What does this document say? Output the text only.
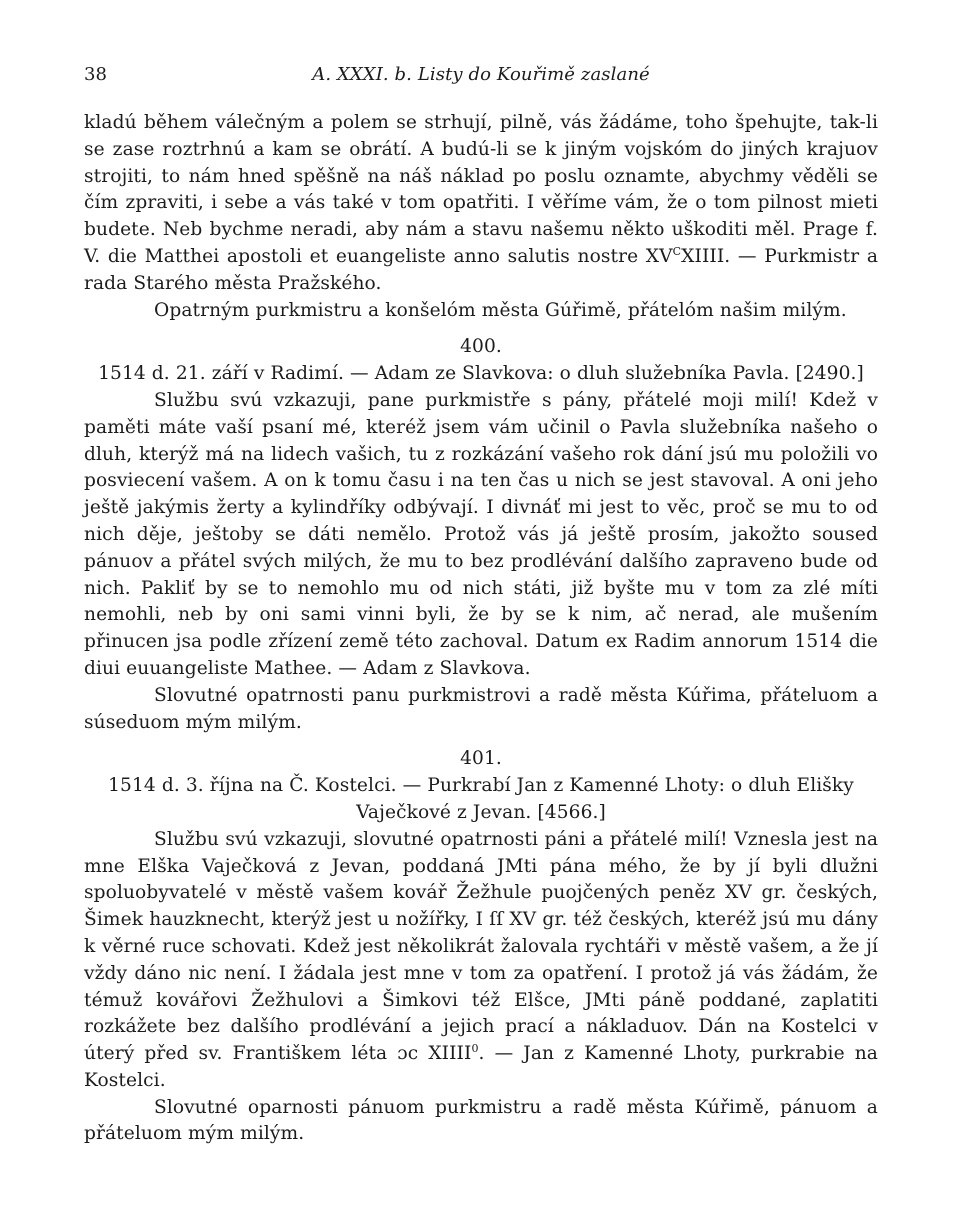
38	A. XXXI. b. Listy do Kouřimě zaslané

kladú během válečným a polem se strhují, pilně, vás žádáme, toho špehujte, tak-li se zase roztrhnú a kam se obrátí. A budú-li se k jiným vojskóm do jiných krajuov strojiti, to nám hned spěšně na náš náklad po poslu oznamte, abychmy věděli se čím zpraviti, i sebe a vás také v tom opatřiti. I věříme vám, že o tom pilnost mieti budete. Neb bychme neradi, aby nám a stavu našemu někto uškoditi měl. Prage f. V. die Matthei apostoli et euangeliste anno salutis nostre $XV^CXIIII$. — Purkmistr a rada Starého města Pražského.

Opatrným purkmistru a konšelóm města Gúřimě, přátelóm našim milým.

400.

1514 d. 21. září v Radimí. — Adam ze Slavkova: o dluh služebníka Pavla. [2490.]

Službu svú vzkazuji, pane purkmistře s pány, přátelé moji milí! Kdež v paměti máte vaší psaní mé, kteréž jsem vám učinil o Pavla služebníka našeho o dluh, kterýž má na lidech vašich, tu z rozkázání vašeho rok dání jsú mu položili vo posviecení vašem. A on k tomu času i na ten čas u nich se jest stavoval. A oni jeho ještě jakýmis žerty a kylindříky odbývají. I divnáť mi jest to věc, proč se mu to od nich děje, ještoby se dáti nemělo. Protož vás já ještě prosím, jakožto soused pánuov a přátel svých milých, že mu to bez prodlévání dalšího zapraveno bude od nich. Pakliť by se to nemohlo mu od nich státi, již byšte mu v tom za zlé míti nemohli, neb by oni sami vinni byli, že by se k nim, ač nerad, ale mušením přinucen jsa podle zřízení země této zachoval. Datum ex Radim annorum 1514 die diui euuangeliste Mathee. — Adam z Slavkova.

Slovutné opatrnosti panu purkmistrovi a radě města Kúřima, přáteluom a súseduom mým milým.

401.

1514 d. 3. října na Č. Kostelci. — Purkrabí Jan z Kamenné Lhoty: o dluh Elišky Vaječkové z Jevan. [4566.]

Službu svú vzkazuji, slovutné opatrnosti páni a přátelé milí! Vznesla jest na mne Elška Vaječková z Jevan, poddaná JMti pána mého, že by jí byli dlužni spoluobyvatelé v městě vašem kovář Žežhule puojčených peněz XV gr. českých, Šimek hauzknecht, kterýž jest u nožířky, I ſſ XV gr. též českých, kteréž jsú mu dány k věrné ruce schovati. Kdež jest několikrát žalovala rychtáři v městě vašem, a že jí vždy dáno nic není. I žádala jest mne v tom za opatření. I protož já vás žádám, že témuž kovářovi Žežhulovi a Šimkovi též Elšce, JMti páně poddané, zaplatiti rozkážete bez dalšího prodlévání a jejich prací a nákladuov. Dán na Kostelci v úterý před sv. Františkem léta ɔc XIIII$^0$. — Jan z Kamenné Lhoty, purkrabie na Kostelci.

Slovutné oparnosti pánuom purkmistru a radě města Kúřimě, pánuom a přáteluom mým milým.
